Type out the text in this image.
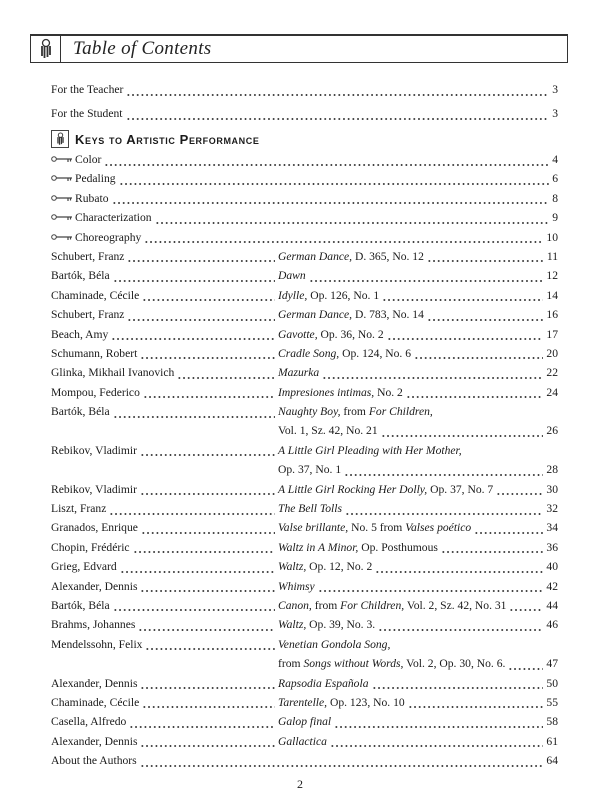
Table of Contents
For the Teacher	3
For the Student	3
Keys to Artistic Performance
Color	4
Pedaling	6
Rubato	8
Characterization	9
Choreography	10
Schubert, Franz	German Dance, D. 365, No. 12	11
Bartók, Béla	Dawn	12
Chaminade, Cécile	Idylle, Op. 126, No. 1	14
Schubert, Franz	German Dance, D. 783, No. 14	16
Beach, Amy	Gavotte, Op. 36, No. 2	17
Schumann, Robert	Cradle Song, Op. 124, No. 6	20
Glinka, Mikhail Ivanovich	Mazurka	22
Mompou, Federico	Impresiones intimas, No. 2	24
Bartók, Béla	Naughty Boy, from For Children,
Vol. 1, Sz. 42, No. 21	26
Rebikov, Vladimir	A Little Girl Pleading with Her Mother,
Op. 37, No. 1	28
Rebikov, Vladimir	A Little Girl Rocking Her Dolly, Op. 37, No. 7	30
Liszt, Franz	The Bell Tolls	32
Granados, Enrique	Valse brillante, No. 5 from Valses poético	34
Chopin, Frédéric	Waltz in A Minor, Op. Posthumous	36
Grieg, Edvard	Waltz, Op. 12, No. 2	40
Alexander, Dennis	Whimsy	42
Bartók, Béla	Canon, from For Children, Vol. 2, Sz. 42, No. 31	44
Brahms, Johannes	Waltz, Op. 39, No. 3.	46
Mendelssohn, Felix	Venetian Gondola Song,
from Songs without Words, Vol. 2, Op. 30, No. 6.	47
Alexander, Dennis	Rapsodia Española	50
Chaminade, Cécile	Tarentelle, Op. 123, No. 10	55
Casella, Alfredo	Galop final	58
Alexander, Dennis	Gallactica	61
About the Authors	64
2
